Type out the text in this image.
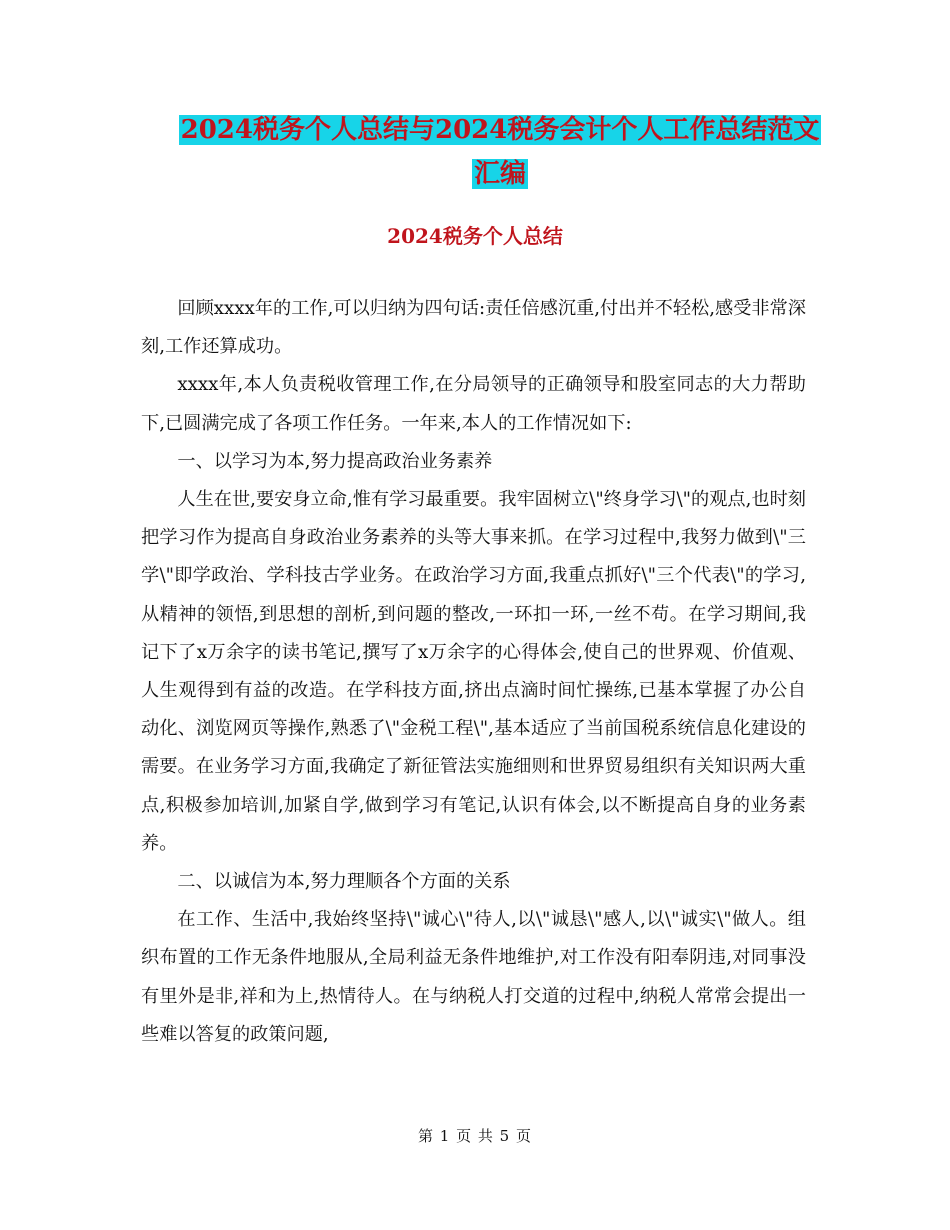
2024税务个人总结与2024税务会计个人工作总结范文
汇编
2024税务个人总结

回顾xxxx年的工作,可以归纳为四句话:责任倍感沉重,付出并不轻松,感受非常深刻,工作还算成功。

xxxx年,本人负责税收管理工作,在分局领导的正确领导和股室同志的大力帮助下,已圆满完成了各项工作任务。一年来,本人的工作情况如下:

一、以学习为本,努力提高政治业务素养

人生在世,要安身立命,惟有学习最重要。我牢固树立\"终身学习\"的观点,也时刻把学习作为提高自身政治业务素养的头等大事来抓。在学习过程中,我努力做到\"三学\"即学政治、学科技古学业务。在政治学习方面,我重点抓好\"三个代表\"的学习,从精神的领悟,到思想的剖析,到问题的整改,一环扣一环,一丝不苟。在学习期间,我记下了x万余字的读书笔记,撰写了x万余字的心得体会,使自己的世界观、价值观、人生观得到有益的改造。在学科技方面,挤出点滴时间忙操练,已基本掌握了办公自动化、浏览网页等操作,熟悉了\"金税工程\",基本适应了当前国税系统信息化建设的需要。在业务学习方面,我确定了新征管法实施细则和世界贸易组织有关知识两大重点,积极参加培训,加紧自学,做到学习有笔记,认识有体会,以不断提高自身的业务素养。

二、以诚信为本,努力理顺各个方面的关系

在工作、生活中,我始终坚持\"诚心\"待人,以\"诚恳\"感人,以\"诚实\"做人。组织布置的工作无条件地服从,全局利益无条件地维护,对工作没有阳奉阴违,对同事没有里外是非,祥和为上,热情待人。在与纳税人打交道的过程中,纳税人常常会提出一些难以答复的政策问题,

第 1 页 共 5 页
